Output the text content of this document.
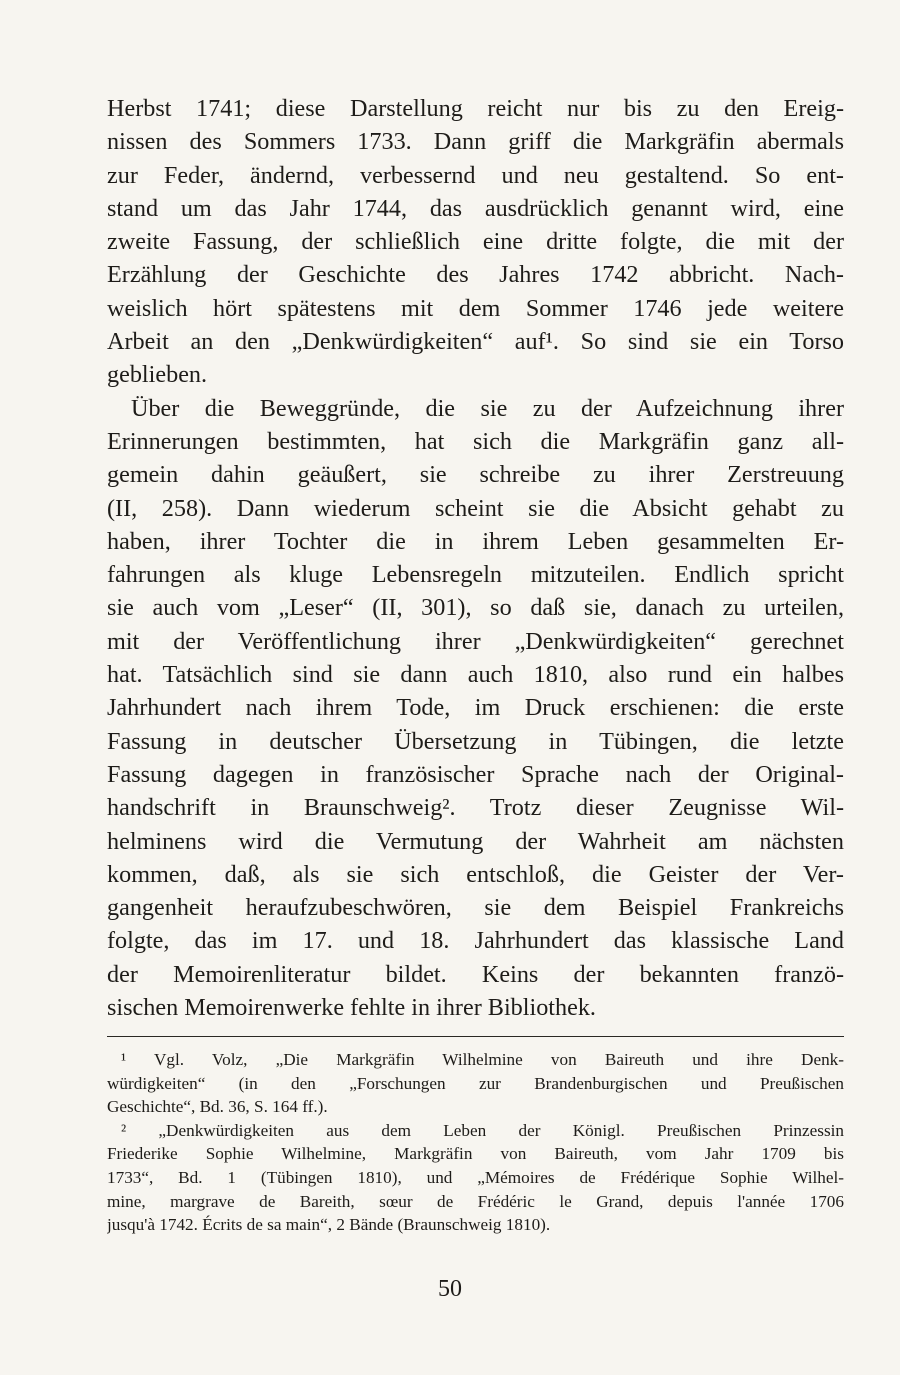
Herbst 1741; diese Darstellung reicht nur bis zu den Ereig-
nissen des Sommers 1733. Dann griff die Markgräfin abermals
zur Feder, ändernd, verbessernd und neu gestaltend. So ent-
stand um das Jahr 1744, das ausdrücklich genannt wird, eine
zweite Fassung, der schließlich eine dritte folgte, die mit der
Erzählung der Geschichte des Jahres 1742 abbricht. Nach-
weislich hört spätestens mit dem Sommer 1746 jede weitere
Arbeit an den „Denkwürdigkeiten“ auf¹. So sind sie ein Torso
geblieben.
Über die Beweggründe, die sie zu der Aufzeichnung ihrer
Erinnerungen bestimmten, hat sich die Markgräfin ganz all-
gemein dahin geäußert, sie schreibe zu ihrer Zerstreuung
(II, 258). Dann wiederum scheint sie die Absicht gehabt zu
haben, ihrer Tochter die in ihrem Leben gesammelten Er-
fahrungen als kluge Lebensregeln mitzuteilen. Endlich spricht
sie auch vom „Leser“ (II, 301), so daß sie, danach zu urteilen,
mit der Veröffentlichung ihrer „Denkwürdigkeiten“ gerechnet
hat. Tatsächlich sind sie dann auch 1810, also rund ein halbes
Jahrhundert nach ihrem Tode, im Druck erschienen: die erste
Fassung in deutscher Übersetzung in Tübingen, die letzte
Fassung dagegen in französischer Sprache nach der Original-
handschrift in Braunschweig². Trotz dieser Zeugnisse Wil-
helminens wird die Vermutung der Wahrheit am nächsten
kommen, daß, als sie sich entschloß, die Geister der Ver-
gangenheit heraufzubeschwören, sie dem Beispiel Frankreichs
folgte, das im 17. und 18. Jahrhundert das klassische Land
der Memoirenliteratur bildet. Keins der bekannten franzö-
sischen Memoirenwerke fehlte in ihrer Bibliothek.
¹ Vgl. Volz, „Die Markgräfin Wilhelmine von Baireuth und ihre Denk-
würdigkeiten“ (in den „Forschungen zur Brandenburgischen und Preußischen
Geschichte“, Bd. 36, S. 164 ff.).
² „Denkwürdigkeiten aus dem Leben der Königl. Preußischen Prinzessin
Friederike Sophie Wilhelmine, Markgräfin von Baireuth, vom Jahr 1709 bis
1733“, Bd. 1 (Tübingen 1810), und „Mémoires de Frédérique Sophie Wilhel-
mine, margrave de Bareith, sœur de Frédéric le Grand, depuis l'année 1706
jusqu'à 1742. Écrits de sa main“, 2 Bände (Braunschweig 1810).
50
